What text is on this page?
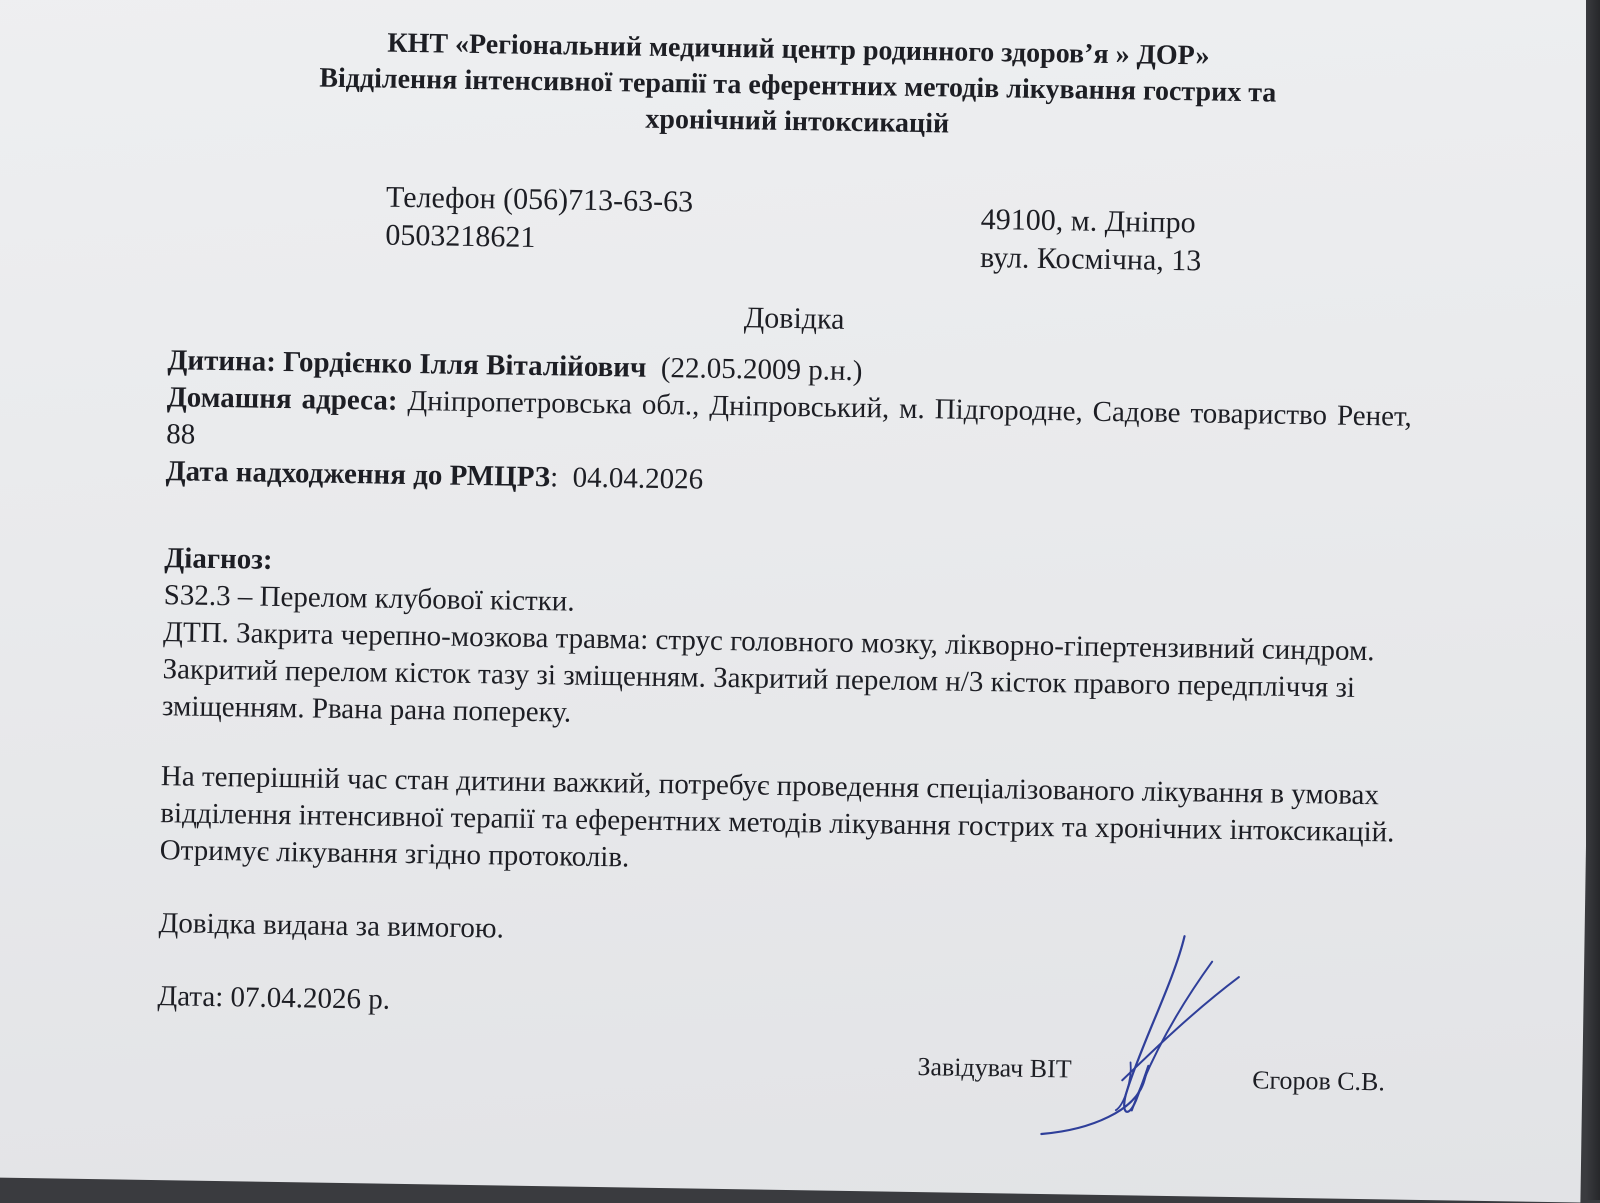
КНТ «Регіональний медичний центр родинного здоров’я » ДОР»
Відділення інтенсивної терапії та еферентних методів лікування гострих та
хронічний інтоксикацій
Телефон (056)713-63-63
0503218621	49100, м. Дніпро
вул. Космічна, 13
Довідка
Дитина: Гордієнко Ілля Віталійович (22.05.2009 р.н.)
Домашня адреса: Дніпропетровська обл., Дніпровський, м. Підгородне, Садове товариство Ренет, 88
Дата надходження до РМЦРЗ:  04.04.2026
Діагноз:
S32.3 – Перелом клубової кістки.
ДТП. Закрита черепно-мозкова травма: струс головного мозку, лікворно-гіпертензивний синдром. Закритий перелом кісток тазу зі зміщенням. Закритий перелом н/3 кісток правого передпліччя зі зміщенням. Рвана рана попереку.
На теперішній час стан дитини важкий, потребує проведення спеціалізованого лікування в умовах відділення інтенсивної терапії та еферентних методів лікування гострих та хронічних інтоксикацій. Отримує лікування згідно протоколів.
Довідка видана за вимогою.
Дата: 07.04.2026 р.
Завідувач ВІТ	Єгоров С.В.
